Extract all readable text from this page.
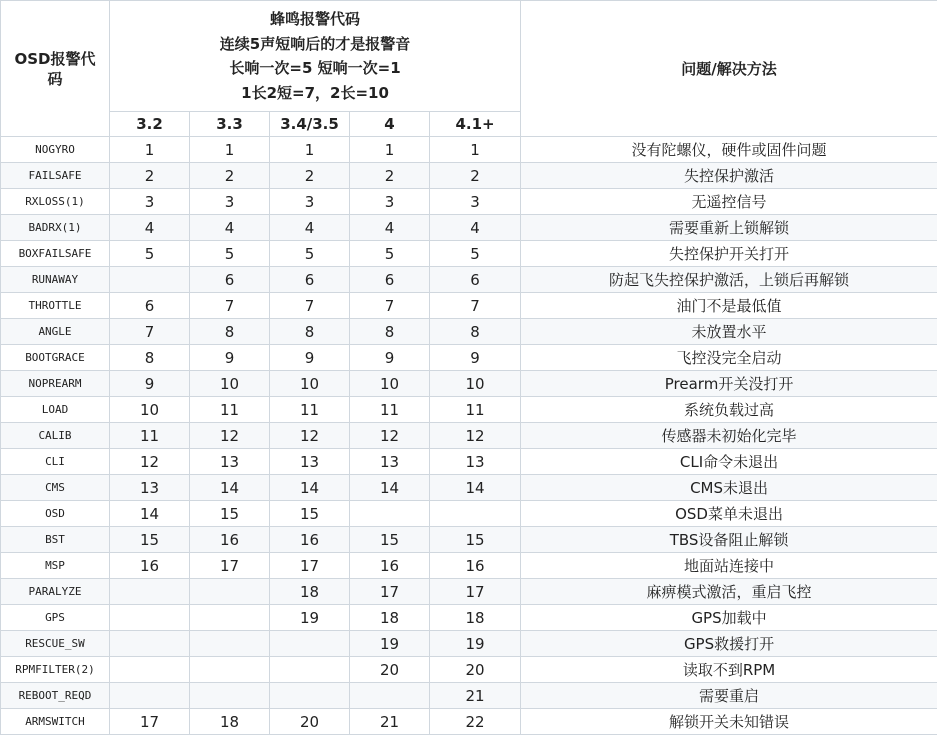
OSD报警代码	蜂鸣报警代码
连续5声短响后的才是报警音
长响一次=5 短响一次=1
1长2短=7，2长=10					问题/解决方法
	3.2	3.3	3.4/3.5	4	4.1+	
NOGYRO	1	1	1	1	1	没有陀螺仪，硬件或固件问题
FAILSAFE	2	2	2	2	2	失控保护激活
RXLOSS(1)	3	3	3	3	3	无遥控信号
BADRX(1)	4	4	4	4	4	需要重新上锁解锁
BOXFAILSAFE	5	5	5	5	5	失控保护开关打开
RUNAWAY		6	6	6	6	防起飞失控保护激活，上锁后再解锁
THROTTLE	6	7	7	7	7	油门不是最低值
ANGLE	7	8	8	8	8	未放置水平
BOOTGRACE	8	9	9	9	9	飞控没完全启动
NOPREARM	9	10	10	10	10	Prearm开关没打开
LOAD	10	11	11	11	11	系统负载过高
CALIB	11	12	12	12	12	传感器未初始化完毕
CLI	12	13	13	13	13	CLI命令未退出
CMS	13	14	14	14	14	CMS未退出
OSD	14	15	15			OSD菜单未退出
BST	15	16	16	15	15	TBS设备阻止解锁
MSP	16	17	17	16	16	地面站连接中
PARALYZE			18	17	17	麻痹模式激活，重启飞控
GPS			19	18	18	GPS加载中
RESCUE_SW				19	19	GPS救援打开
RPMFILTER(2)				20	20	读取不到RPM
REBOOT_REQD					21	需要重启
ARMSWITCH	17	18	20	21	22	解锁开关未知错误
